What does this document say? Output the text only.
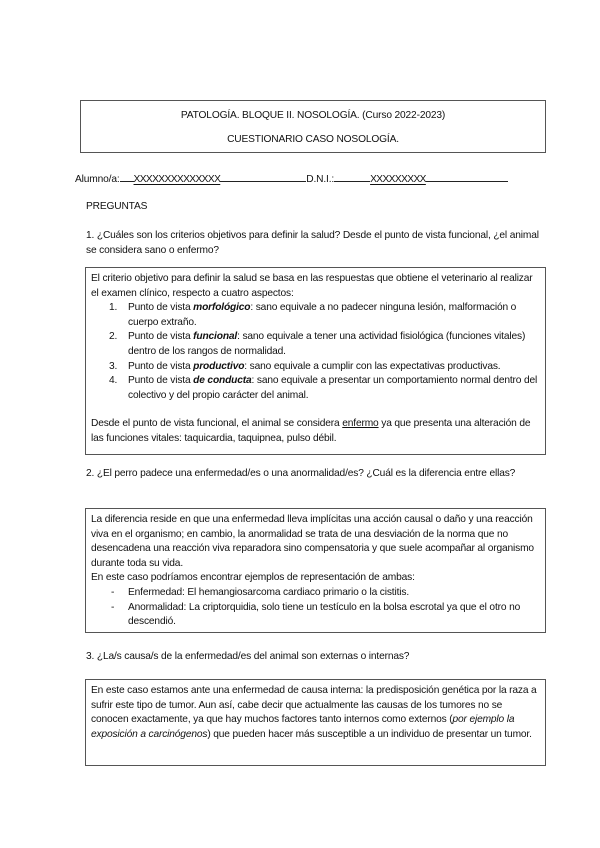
PATOLOGÍA. BLOQUE II. NOSOLOGÍA. (Curso 2022-2023)
CUESTIONARIO CASO NOSOLOGÍA.
Alumno/a: XXXXXXXXXXXXXX	D.N.I.:	XXXXXXXXX
PREGUNTAS
1. ¿Cuáles son los criterios objetivos para definir la salud? Desde el punto de vista funcional, ¿el animal se considera sano o enfermo?

El criterio objetivo para definir la salud se basa en las respuestas que obtiene el veterinario al realizar el examen clínico, respecto a cuatro aspectos:

1. Punto de vista morfológico: sano equivale a no padecer ninguna lesión, malformación o cuerpo extraño.
2. Punto de vista funcional: sano equivale a tener una actividad fisiológica (funciones vitales) dentro de los rangos de normalidad.
3. Punto de vista productivo: sano equivale a cumplir con las expectativas productivas.
4. Punto de vista de conducta: sano equivale a presentar un comportamiento normal dentro del colectivo y del propio carácter del animal.

Desde el punto de vista funcional, el animal se considera enfermo ya que presenta una alteración de las funciones vitales: taquicardia, taquipnea, pulso débil.

2. ¿El perro padece una enfermedad/es o una anormalidad/es? ¿Cuál es la diferencia entre ellas?

La diferencia reside en que una enfermedad lleva implícitas una acción causal o daño y una reacción viva en el organismo; en cambio, la anormalidad se trata de una desviación de la norma que no desencadena una reacción viva reparadora sino compensatoria y que suele acompañar al organismo durante toda su vida.

En este caso podríamos encontrar ejemplos de representación de ambas:

- Enfermedad: El hemangiosarcoma cardiaco primario o la cistitis.
- Anormalidad: La criptorquidia, solo tiene un testículo en la bolsa escrotal ya que el otro no descendió.
3. ¿La/s causa/s de la enfermedad/es del animal son externas o internas?

En este caso estamos ante una enfermedad de causa interna: la predisposición genética por la raza a sufrir este tipo de tumor. Aun así, cabe decir que actualmente las causas de los tumores no se conocen exactamente, ya que hay muchos factores tanto internos como externos (por ejemplo la exposición a carcinógenos) que pueden hacer más susceptible a un individuo de presentar un tumor.
